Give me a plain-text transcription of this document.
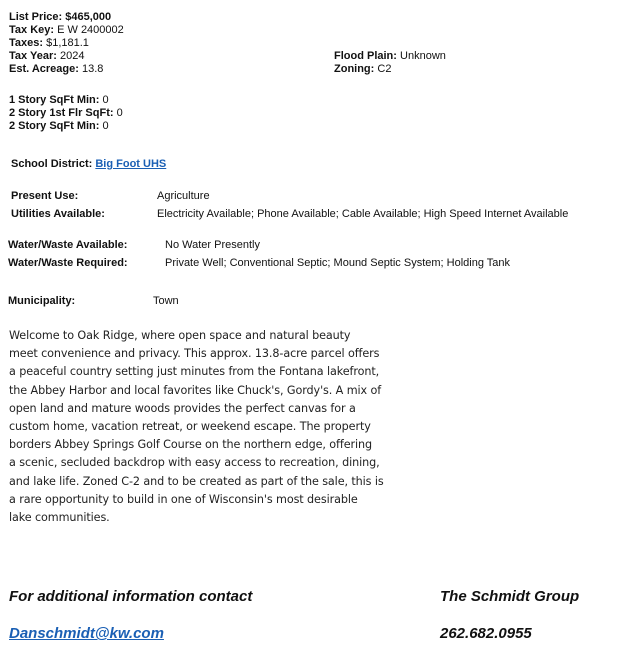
List Price: $465,000
Tax Key: E W 2400002
Taxes: $1,181.1
Tax Year: 2024
Est. Acreage: 13.8
Flood Plain: Unknown
Zoning: C2
1 Story SqFt Min: 0
2 Story 1st Flr SqFt: 0
2 Story SqFt Min: 0
School District: Big Foot UHS
Present Use:	Agriculture
Utilities Available:	Electricity Available; Phone Available; Cable Available; High Speed Internet Available
Water/Waste Available:	No Water Presently
Water/Waste Required:	Private Well; Conventional Septic; Mound Septic System; Holding Tank
Municipality:	Town
Welcome to Oak Ridge, where open space and natural beauty
meet convenience and privacy. This approx. 13.8-acre parcel offers
a peaceful country setting just minutes from the Fontana lakefront,
the Abbey Harbor and local favorites like Chuck's, Gordy's. A mix of
open land and mature woods provides the perfect canvas for a
custom home, vacation retreat, or weekend escape. The property
borders Abbey Springs Golf Course on the northern edge, offering
a scenic, secluded backdrop with easy access to recreation, dining,
and lake life. Zoned C-2 and to be created as part of the sale, this is
a rare opportunity to build in one of Wisconsin's most desirable
lake communities.
For additional information contact	The Schmidt Group
Danschmidt@kw.com	262.682.0955
